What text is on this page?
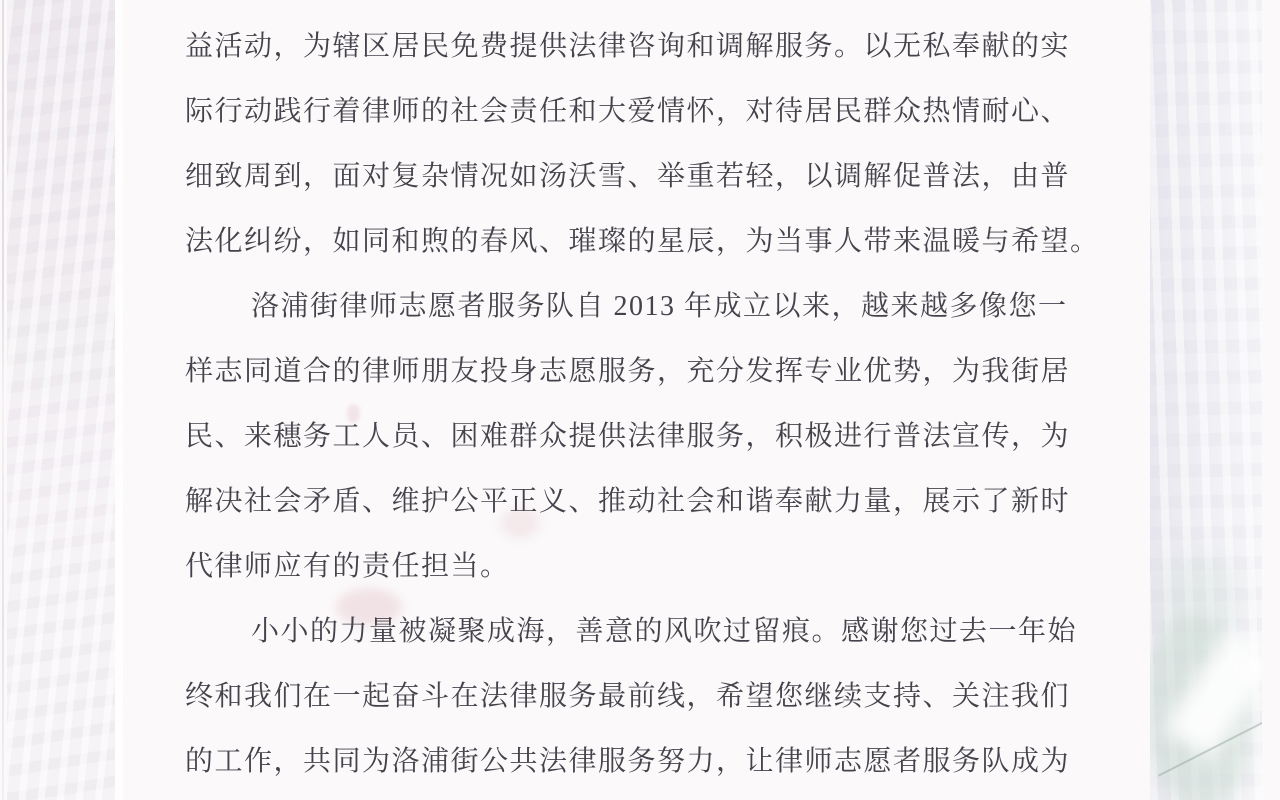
益活动，为辖区居民免费提供法律咨询和调解服务。以无私奉献的实
际行动践行着律师的社会责任和大爱情怀，对待居民群众热情耐心、
细致周到，面对复杂情况如汤沃雪、举重若轻，以调解促普法，由普
法化纠纷，如同和煦的春风、璀璨的星辰，为当事人带来温暖与希望。
洛浦街律师志愿者服务队自 2013 年成立以来，越来越多像您一
样志同道合的律师朋友投身志愿服务，充分发挥专业优势，为我街居
民、来穗务工人员、困难群众提供法律服务，积极进行普法宣传，为
解决社会矛盾、维护公平正义、推动社会和谐奉献力量，展示了新时
代律师应有的责任担当。
小小的力量被凝聚成海，善意的风吹过留痕。感谢您过去一年始
终和我们在一起奋斗在法律服务最前线，希望您继续支持、关注我们
的工作，共同为洛浦街公共法律服务努力，让律师志愿者服务队成为
